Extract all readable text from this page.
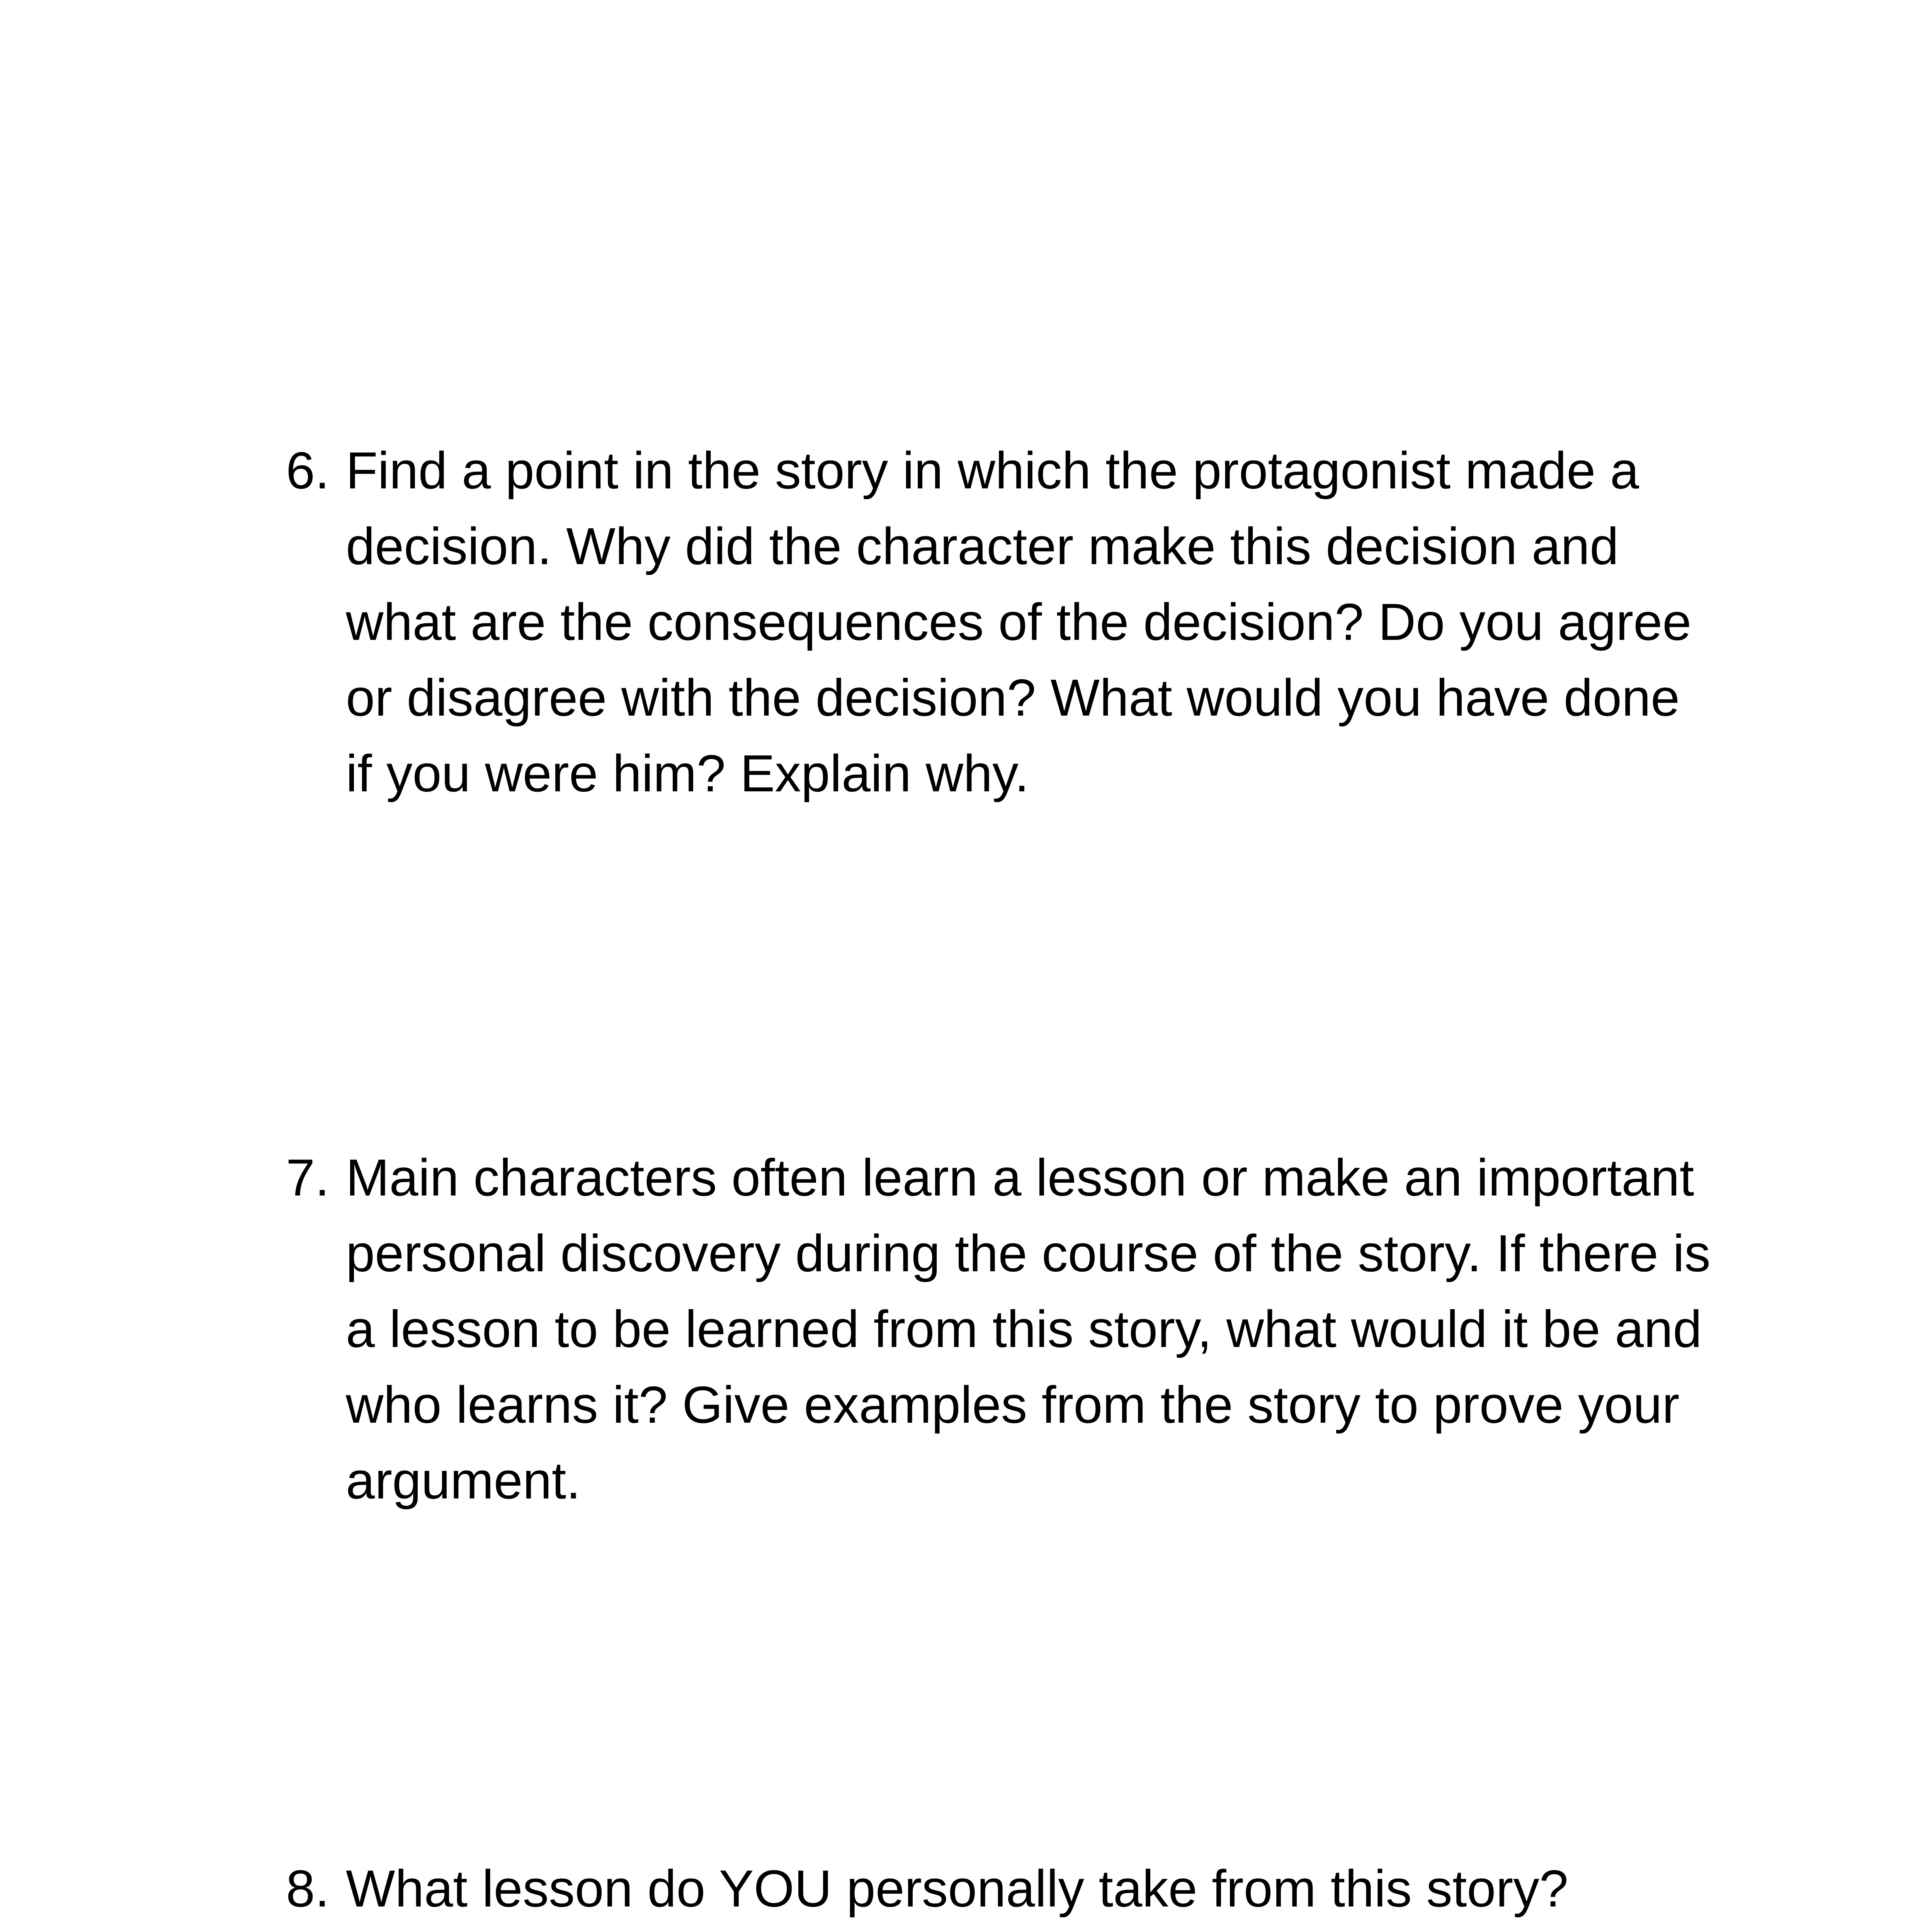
6. Find a point in the story in which the protagonist made a
decision. Why did the character make this decision and
what are the consequences of the decision? Do you agree
or disagree with the decision? What would you have done
if you were him? Explain why.
7. Main characters often learn a lesson or make an important
personal discovery during the course of the story. If there is
a lesson to be learned from this story, what would it be and
who learns it? Give examples from the story to prove your
argument.
8. What lesson do YOU personally take from this story?
